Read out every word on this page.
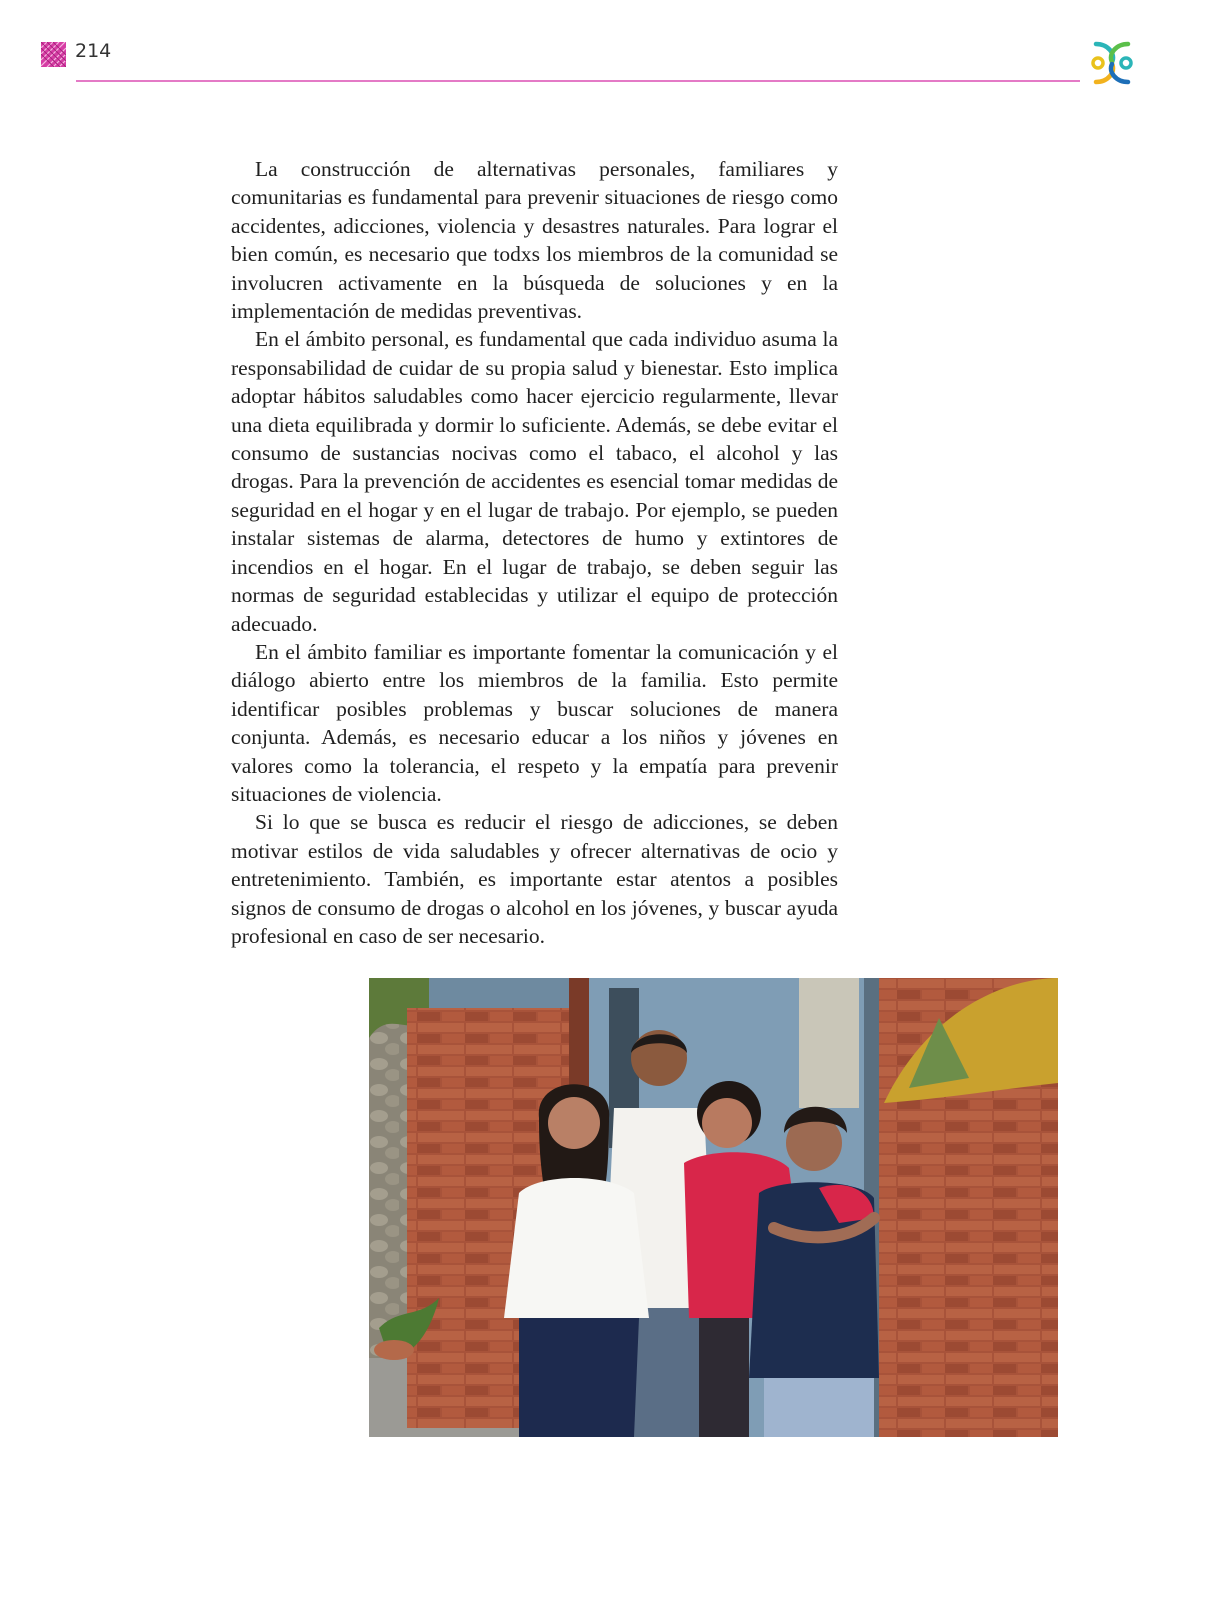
214

La construcción de alternativas personales, familiares y comunitarias es fundamental para prevenir situaciones de riesgo como accidentes, adicciones, violencia y desastres naturales. Para lograr el bien común, es necesario que todxs los miembros de la comunidad se involucren activamente en la búsqueda de soluciones y en la implementación de medidas preventivas.

En el ámbito personal, es fundamental que cada individuo asuma la responsabilidad de cuidar de su propia salud y bienestar. Esto implica adoptar hábitos saludables como hacer ejercicio regularmente, llevar una dieta equilibrada y dormir lo suficiente. Además, se debe evitar el consumo de sustancias nocivas como el tabaco, el alcohol y las drogas. Para la prevención de accidentes es esencial tomar medidas de seguridad en el hogar y en el lugar de trabajo. Por ejemplo, se pueden instalar sistemas de alarma, detectores de humo y extintores de incendios en el hogar. En el lugar de trabajo, se deben seguir las normas de seguridad establecidas y utilizar el equipo de protección adecuado.

En el ámbito familiar es importante fomentar la comunicación y el diálogo abierto entre los miembros de la familia. Esto permite identificar posibles problemas y buscar soluciones de manera conjunta. Además, es necesario educar a los niños y jóvenes en valores como la tolerancia, el respeto y la empatía para prevenir situaciones de violencia.

Si lo que se busca es reducir el riesgo de adicciones, se deben motivar estilos de vida saludables y ofrecer alternativas de ocio y entretenimiento. También, es importante estar atentos a posibles signos de consumo de drogas o alcohol en los jóvenes, y buscar ayuda profesional en caso de ser necesario.
